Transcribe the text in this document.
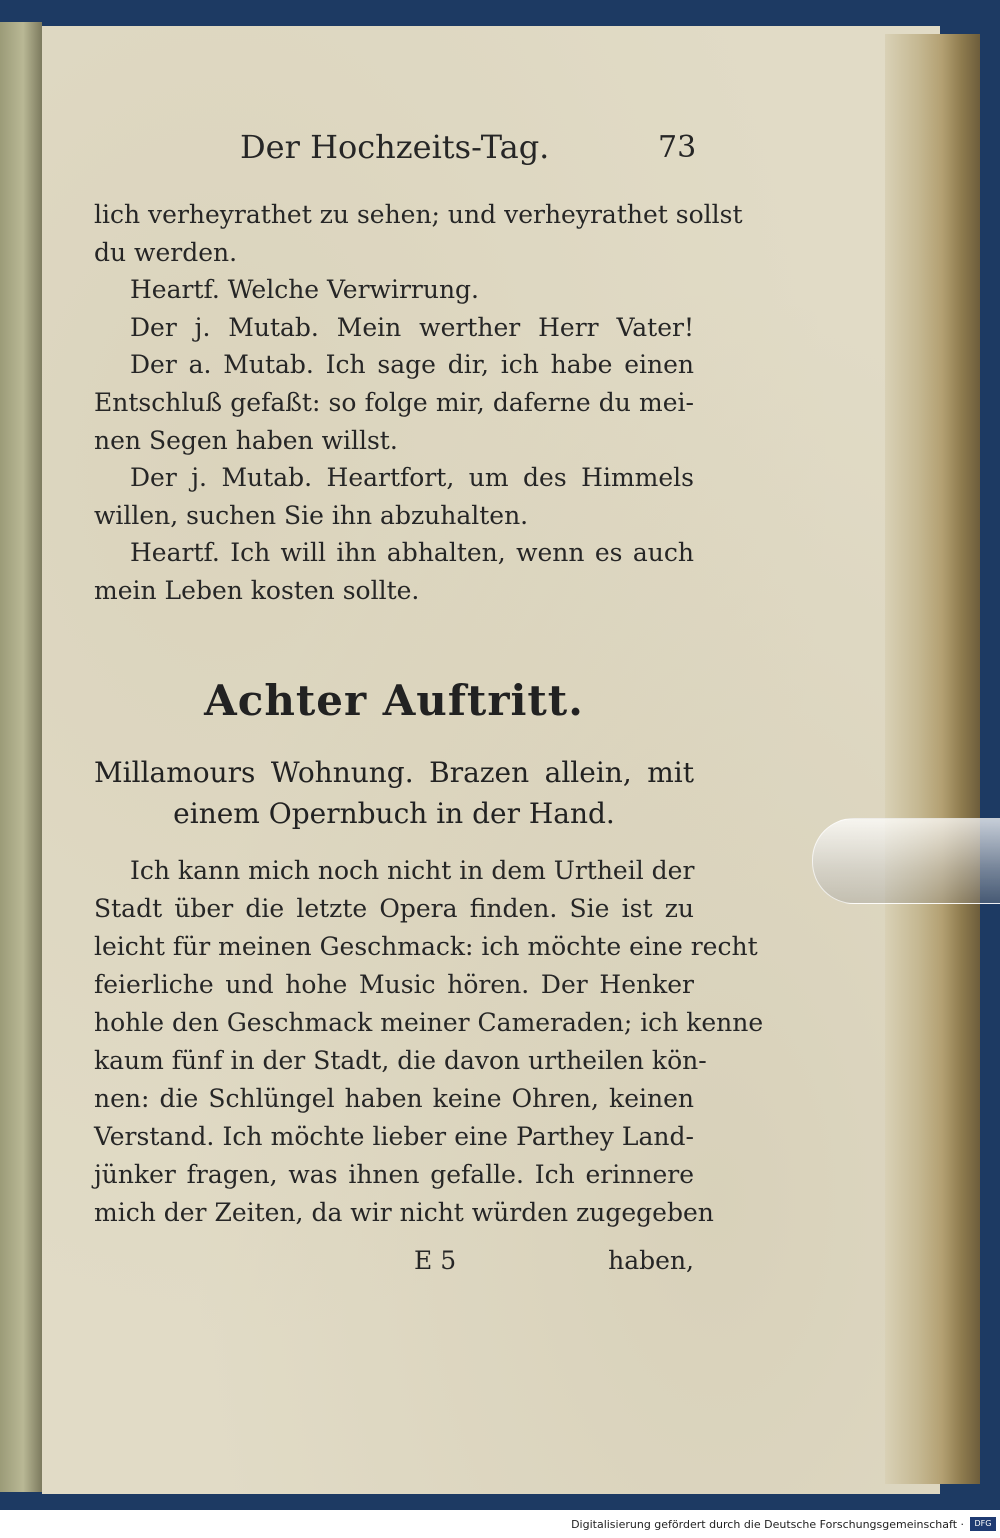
Der Hochzeits-Tag.	73
lich verheyrathet zu sehen; und verheyrathet sollst
du werden.
Heartf. Welche Verwirrung.
Der j. Mutab. Mein werther Herr Vater!
Der a. Mutab. Ich sage dir, ich habe einen
Entschluß gefaßt: so folge mir, daferne du mei-
nen Segen haben willst.
Der j. Mutab. Heartfort, um des Himmels
willen, suchen Sie ihn abzuhalten.
Heartf. Ich will ihn abhalten, wenn es auch
mein Leben kosten sollte.
Achter Auftritt.
Millamours Wohnung. Brazen allein, mit
einem Opernbuch in der Hand.
Ich kann mich noch nicht in dem Urtheil der
Stadt über die letzte Opera finden. Sie ist zu
leicht für meinen Geschmack: ich möchte eine recht
feierliche und hohe Music hören. Der Henker
hohle den Geschmack meiner Cameraden; ich kenne
kaum fünf in der Stadt, die davon urtheilen kön-
nen: die Schlüngel haben keine Ohren, keinen
Verstand. Ich möchte lieber eine Parthey Land-
jünker fragen, was ihnen gefalle. Ich erinnere
mich der Zeiten, da wir nicht würden zugegeben
E 5	haben,
Digitalisierung gefördert durch die Deutsche Forschungsgemeinschaft ·	DFG
